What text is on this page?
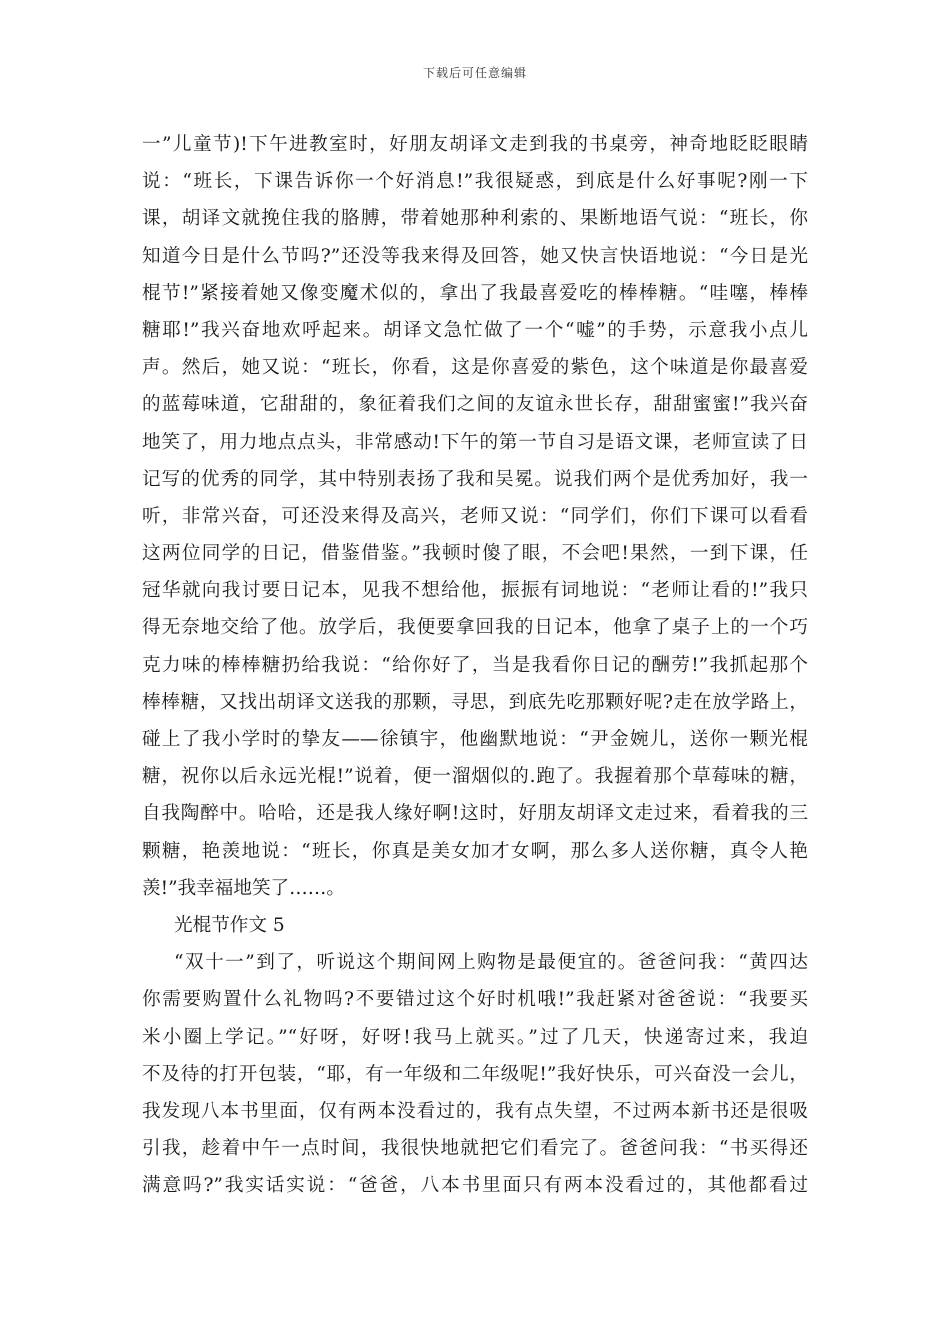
下载后可任意编辑
一”儿童节)!下午进教室时，好朋友胡译文走到我的书桌旁，神奇地眨眨眼睛
说：“班长，下课告诉你一个好消息!”我很疑惑，到底是什么好事呢?刚一下
课，胡译文就挽住我的胳膊，带着她那种利索的、果断地语气说：“班长，你
知道今日是什么节吗?”还没等我来得及回答，她又快言快语地说：“今日是光
棍节!”紧接着她又像变魔术似的，拿出了我最喜爱吃的棒棒糖。“哇噻，棒棒
糖耶!”我兴奋地欢呼起来。胡译文急忙做了一个“嘘”的手势，示意我小点儿
声。然后，她又说：“班长，你看，这是你喜爱的紫色，这个味道是你最喜爱
的蓝莓味道，它甜甜的，象征着我们之间的友谊永世长存，甜甜蜜蜜!”我兴奋
地笑了，用力地点点头，非常感动!下午的第一节自习是语文课，老师宣读了日
记写的优秀的同学，其中特别表扬了我和吴冕。说我们两个是优秀加好，我一
听，非常兴奋，可还没来得及高兴，老师又说：“同学们，你们下课可以看看
这两位同学的日记，借鉴借鉴。”我顿时傻了眼，不会吧!果然，一到下课，任
冠华就向我讨要日记本，见我不想给他，振振有词地说：“老师让看的!”我只
得无奈地交给了他。放学后，我便要拿回我的日记本，他拿了桌子上的一个巧
克力味的棒棒糖扔给我说：“给你好了，当是我看你日记的酬劳!”我抓起那个
棒棒糖，又找出胡译文送我的那颗，寻思，到底先吃那颗好呢?走在放学路上，
碰上了我小学时的挚友——徐镇宇，他幽默地说：“尹金婉儿，送你一颗光棍
糖，祝你以后永远光棍!”说着，便一溜烟似的.跑了。我握着那个草莓味的糖，
自我陶醉中。哈哈，还是我人缘好啊!这时，好朋友胡译文走过来，看着我的三
颗糖，艳羡地说：“班长，你真是美女加才女啊，那么多人送你糖，真令人艳
羡!”我幸福地笑了……。
光棍节作文 5
“双十一”到了，听说这个期间网上购物是最便宜的。爸爸问我：“黄四达
你需要购置什么礼物吗?不要错过这个好时机哦!”我赶紧对爸爸说：“我要买
米小圈上学记。”“好呀，好呀!我马上就买。”过了几天，快递寄过来，我迫
不及待的打开包装，“耶，有一年级和二年级呢!”我好快乐，可兴奋没一会儿，
我发现八本书里面，仅有两本没看过的，我有点失望，不过两本新书还是很吸
引我，趁着中午一点时间，我很快地就把它们看完了。爸爸问我：“书买得还
满意吗?”我实话实说：“爸爸，八本书里面只有两本没看过的，其他都看过
